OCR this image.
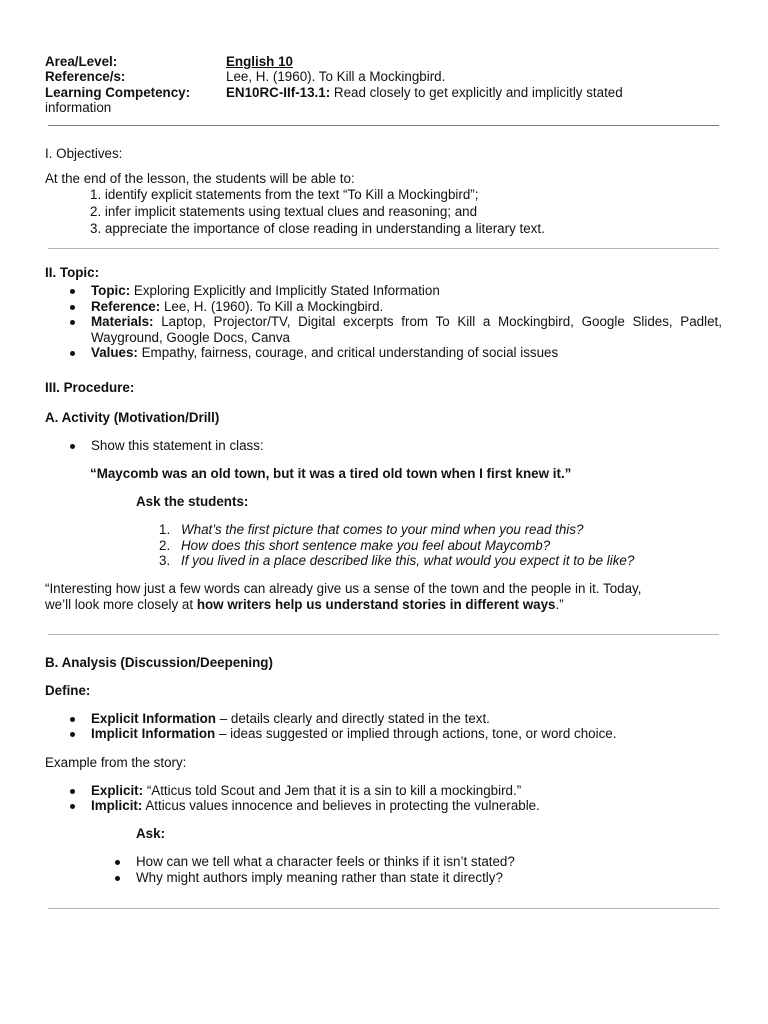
Area/Level:	English 10
Reference/s:	Lee, H. (1960). To Kill a Mockingbird.
Learning Competency:	EN10RC-IIf-13.1: Read closely to get explicitly and implicitly stated
information
I. Objectives:
At the end of the lesson, the students will be able to:
1. identify explicit statements from the text “To Kill a Mockingbird”;
2. infer implicit statements using textual clues and reasoning; and
3. appreciate the importance of close reading in understanding a literary text.
II. Topic:
Topic: Exploring Explicitly and Implicitly Stated Information
Reference: Lee, H. (1960). To Kill a Mockingbird.
Materials: Laptop, Projector/TV, Digital excerpts from To Kill a Mockingbird, Google Slides, Padlet, Wayground, Google Docs, Canva
Values: Empathy, fairness, courage, and critical understanding of social issues
III. Procedure:
A. Activity (Motivation/Drill)
Show this statement in class:
“Maycomb was an old town, but it was a tired old town when I first knew it.”
Ask the students:
1. What’s the first picture that comes to your mind when you read this?
2. How does this short sentence make you feel about Maycomb?
3. If you lived in a place described like this, what would you expect it to be like?
“Interesting how just a few words can already give us a sense of the town and the people in it. Today,
we’ll look more closely at how writers help us understand stories in different ways.”
B. Analysis (Discussion/Deepening)
Define:
Explicit Information – details clearly and directly stated in the text.
Implicit Information – ideas suggested or implied through actions, tone, or word choice.
Example from the story:
Explicit: “Atticus told Scout and Jem that it is a sin to kill a mockingbird.”
Implicit: Atticus values innocence and believes in protecting the vulnerable.
Ask:
How can we tell what a character feels or thinks if it isn’t stated?
Why might authors imply meaning rather than state it directly?
